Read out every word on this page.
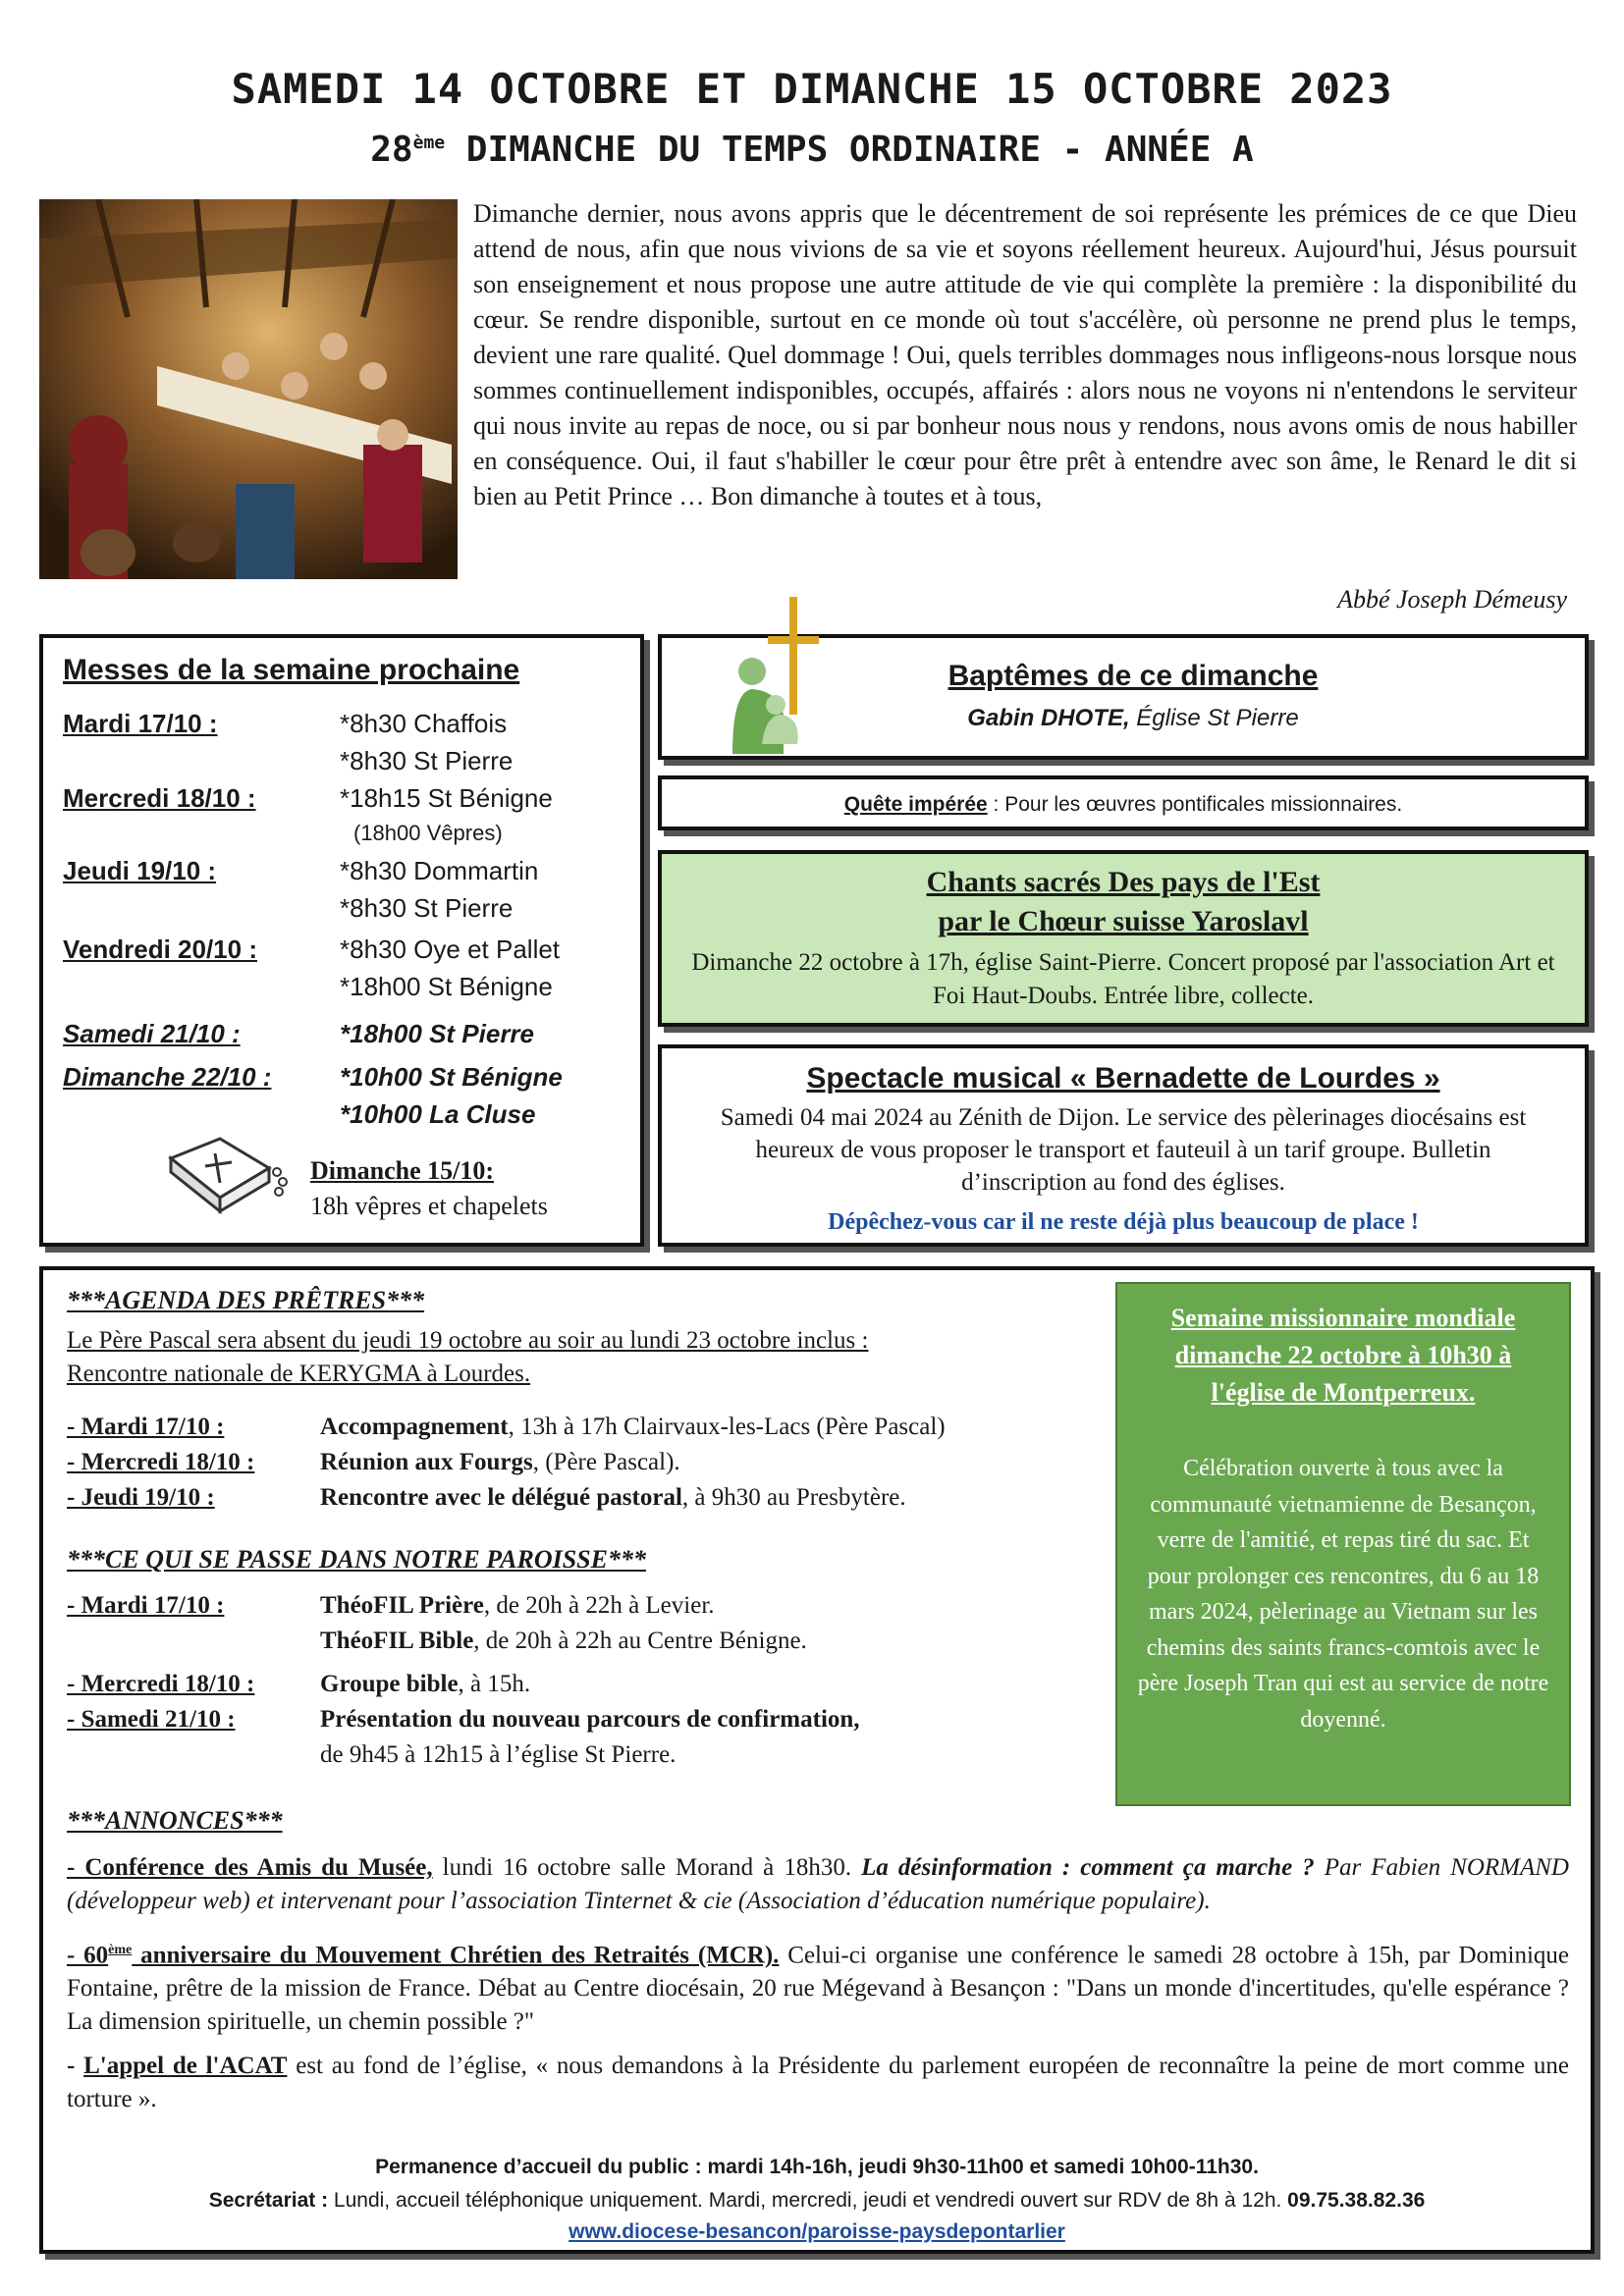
SAMEDI 14 OCTOBRE ET DIMANCHE 15 OCTOBRE 2023
28ème DIMANCHE DU TEMPS ORDINAIRE - ANNÉE A
Dimanche dernier, nous avons appris que le décentrement de soi représente les prémices de ce que Dieu attend de nous, afin que nous vivions de sa vie et soyons réellement heureux. Aujourd'hui, Jésus poursuit son enseignement et nous propose une autre attitude de vie qui complète la première : la disponibilité du cœur. Se rendre disponible, surtout en ce monde où tout s'accélère, où personne ne prend plus le temps, devient une rare qualité. Quel dommage ! Oui, quels terribles dommages nous infligeons-nous lorsque nous sommes continuellement indisponibles, occupés, affairés : alors nous ne voyons ni n'entendons le serviteur qui nous invite au repas de noce, ou si par bonheur nous nous y rendons, nous avons omis de nous habiller en conséquence. Oui, il faut s'habiller le cœur pour être prêt à entendre avec son âme, le Renard le dit si bien au Petit Prince … Bon dimanche à toutes et à tous,
Abbé Joseph Démeusy
Messes de la semaine prochaine
Mardi 17/10 :	*8h30 Chaffois
*8h30 St Pierre
Mercredi 18/10 :	*18h15 St Bénigne
(18h00 Vêpres)
Jeudi 19/10 :	*8h30 Dommartin
*8h30 St Pierre
Vendredi 20/10 :	*8h30 Oye et Pallet
*18h00 St Bénigne
Samedi 21/10 :	*18h00 St Pierre
Dimanche 22/10 :	*10h00 St Bénigne
*10h00 La Cluse
Dimanche 15/10:
18h vêpres et chapelets
Baptêmes de ce dimanche
Gabin DHOTE, Église St Pierre
Quête impérée : Pour les œuvres pontificales missionnaires.
Chants sacrés Des pays de l'Est
par le Chœur suisse Yaroslavl
Dimanche 22 octobre à 17h, église Saint-Pierre. Concert proposé par l'association Art et Foi Haut-Doubs. Entrée libre, collecte.
Spectacle musical « Bernadette de Lourdes »
Samedi 04 mai 2024 au Zénith de Dijon. Le service des pèlerinages diocésains est heureux de vous proposer le transport et fauteuil à un tarif groupe. Bulletin d’inscription au fond des églises.
Dépêchez-vous car il ne reste déjà plus beaucoup de place !
***AGENDA DES PRÊTRES***
Le Père Pascal sera absent du jeudi 19 octobre au soir au lundi 23 octobre inclus :
Rencontre nationale de KERYGMA à Lourdes.
- Mardi 17/10 :	Accompagnement, 13h à 17h Clairvaux-les-Lacs (Père Pascal)
- Mercredi 18/10 :	Réunion aux Fourgs, (Père Pascal).
- Jeudi 19/10 :	Rencontre avec le délégué pastoral, à 9h30 au Presbytère.
***CE QUI SE PASSE DANS NOTRE PAROISSE***
- Mardi 17/10 :	ThéoFIL Prière, de 20h à 22h à Levier.
ThéoFIL Bible, de 20h à 22h au Centre Bénigne.
- Mercredi 18/10 :	Groupe bible, à 15h.
- Samedi 21/10 :	Présentation du nouveau parcours de confirmation,
de 9h45 à 12h15 à l’église St Pierre.
***ANNONCES***
- Conférence des Amis du Musée, lundi 16 octobre salle Morand à 18h30. La désinformation : comment ça marche ? Par Fabien NORMAND (développeur web) et intervenant pour l’association Tinternet & cie (Association d’éducation numérique populaire).
- 60ème anniversaire du Mouvement Chrétien des Retraités (MCR). Celui-ci organise une conférence le samedi 28 octobre à 15h, par Dominique Fontaine, prêtre de la mission de France. Débat au Centre diocésain, 20 rue Mégevand à Besançon : "Dans un monde d'incertitudes, qu'elle espérance ? La dimension spirituelle, un chemin possible ?"
- L'appel de l'ACAT est au fond de l’église, « nous demandons à la Présidente du parlement européen de reconnaître la peine de mort comme une torture ».
Permanence d’accueil du public : mardi 14h-16h, jeudi 9h30-11h00 et samedi 10h00-11h30.
Secrétariat : Lundi, accueil téléphonique uniquement. Mardi, mercredi, jeudi et vendredi ouvert sur RDV de 8h à 12h. 09.75.38.82.36
www.diocese-besancon/paroisse-paysdepontarlier
Semaine missionnaire mondiale dimanche 22 octobre à 10h30 à l'église de Montperreux.
Célébration ouverte à tous avec la communauté vietnamienne de Besançon, verre de l'amitié, et repas tiré du sac. Et pour prolonger ces rencontres, du 6 au 18 mars 2024, pèlerinage au Vietnam sur les chemins des saints francs-comtois avec le père Joseph Tran qui est au service de notre doyenné.
